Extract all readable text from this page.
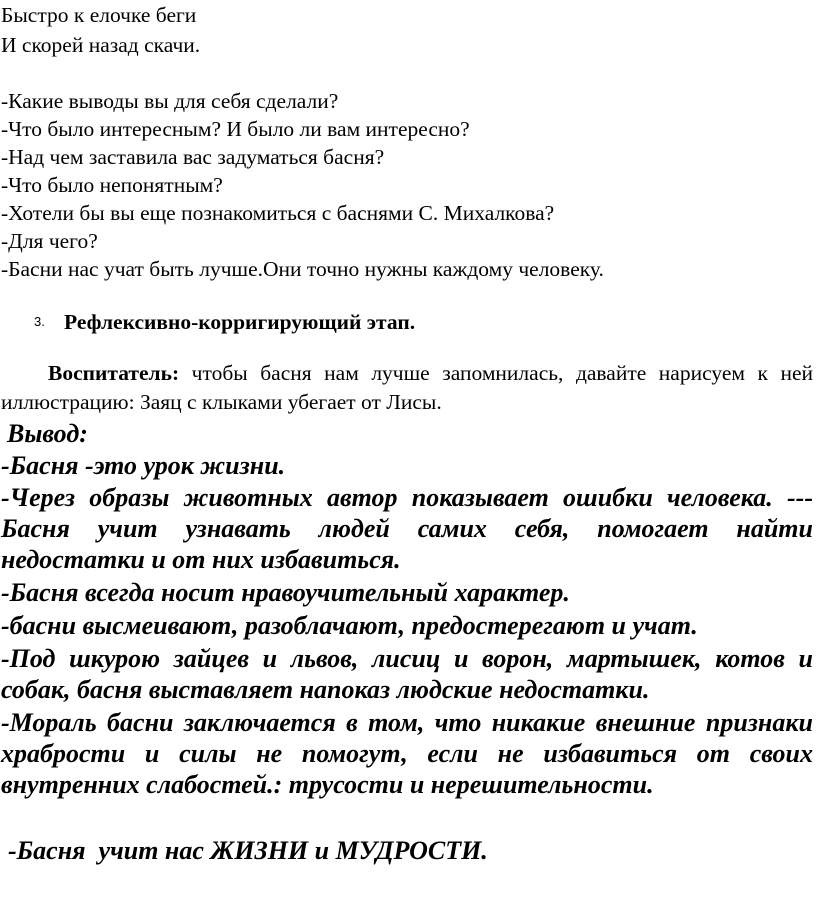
Быстро к елочке беги

И скорей назад скачи.

-Какие выводы вы для себя сделали?

-Что было интересным? И было ли вам интересно?

-Над чем заставила вас задуматься басня?

-Что было непонятным?

-Хотели бы вы еще познакомиться с баснями С. Михалкова?

-Для чего?

-Басни нас учат быть лучше.Они точно нужны каждому человеку.

3. Рефлексивно-корригирующий этап.

Воспитатель: чтобы басня нам лучше запомнилась, давайте нарисуем к ней иллюстрацию: Заяц с клыками убегает от Лисы.

Вывод:

-Басня -это урок жизни.

-Через образы животных автор показывает ошибки человека. ---Басня учит узнавать людей самих себя, помогает найти недостатки и от них избавиться.

-Басня всегда носит нравоучительный характер.

-басни высмеивают, разоблачают, предостерегают и учат.

-Под шкурою зайцев и львов, лисиц и ворон, мартышек, котов и собак, басня выставляет напоказ людские недостатки.

-Мораль басни заключается в том, что никакие внешние признаки храбрости и силы не помогут, если не избавиться от своих внутренних слабостей.: трусости и нерешительности.

-Басня  учит нас ЖИЗНИ и МУДРОСТИ.
